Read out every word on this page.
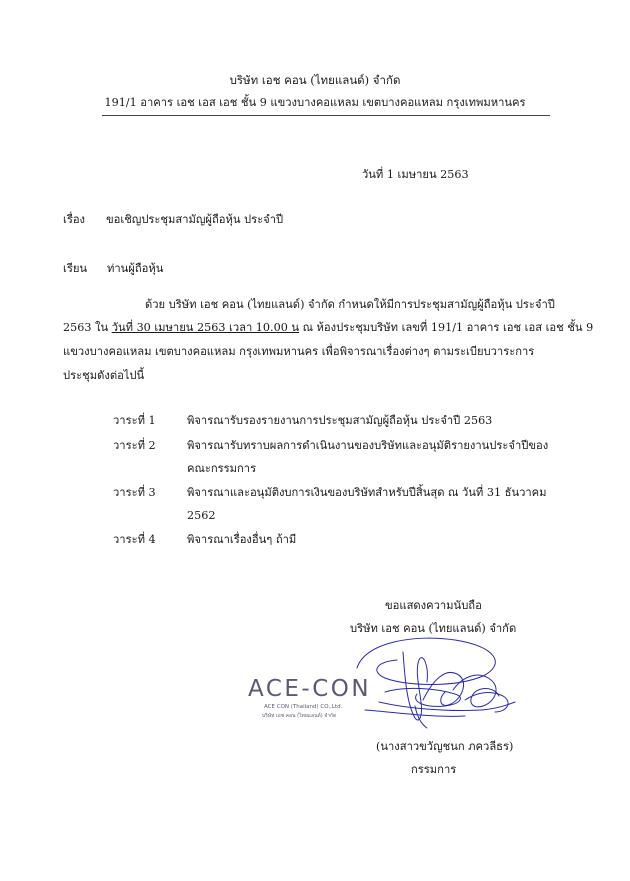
บริษัท เอช คอน (ไทยแลนด์) จำกัด
191/1 อาคาร เอช เอส เอช ชั้น 9 แขวงบางคอแหลม เขตบางคอแหลม กรุงเทพมหานคร
วันที่ 1 เมษายน 2563
เรื่อง ขอเชิญประชุมสามัญผู้ถือหุ้น ประจำปี
เรียน ท่านผู้ถือหุ้น
ด้วย บริษัท เอช คอน (ไทยแลนด์) จำกัด กำหนดให้มีการประชุมสามัญผู้ถือหุ้น ประจำปี
2563 ใน วันที่ 30 เมษายน 2563 เวลา 10.00 น ณ ห้องประชุมบริษัท เลขที่ 191/1 อาคาร เอช เอส เอช ชั้น 9
แขวงบางคอแหลม เขตบางคอแหลม กรุงเทพมหานคร เพื่อพิจารณาเรื่องต่างๆ ตามระเบียบวาระการ
ประชุมดังต่อไปนี้
วาระที่ 1	พิจารณารับรองรายงานการประชุมสามัญผู้ถือหุ้น ประจำปี 2563
วาระที่ 2	พิจารณารับทราบผลการดำเนินงานของบริษัทและอนุมัติรายงานประจำปีของ
คณะกรรมการ
วาระที่ 3	พิจารณาและอนุมัติงบการเงินของบริษัทสำหรับปีสิ้นสุด ณ วันที่ 31 ธันวาคม
2562
วาระที่ 4	พิจารณาเรื่องอื่นๆ ถ้ามี
ขอแสดงความนับถือ
บริษัท เอช คอน (ไทยแลนด์) จำกัด
ACE-CON
ACE CON (Thailand) CO.,Ltd.
บริษัท เอช คอน (ไทยแลนด์) จำกัด
(นางสาวขวัญชนก ภควลีธร)
กรรมการ
